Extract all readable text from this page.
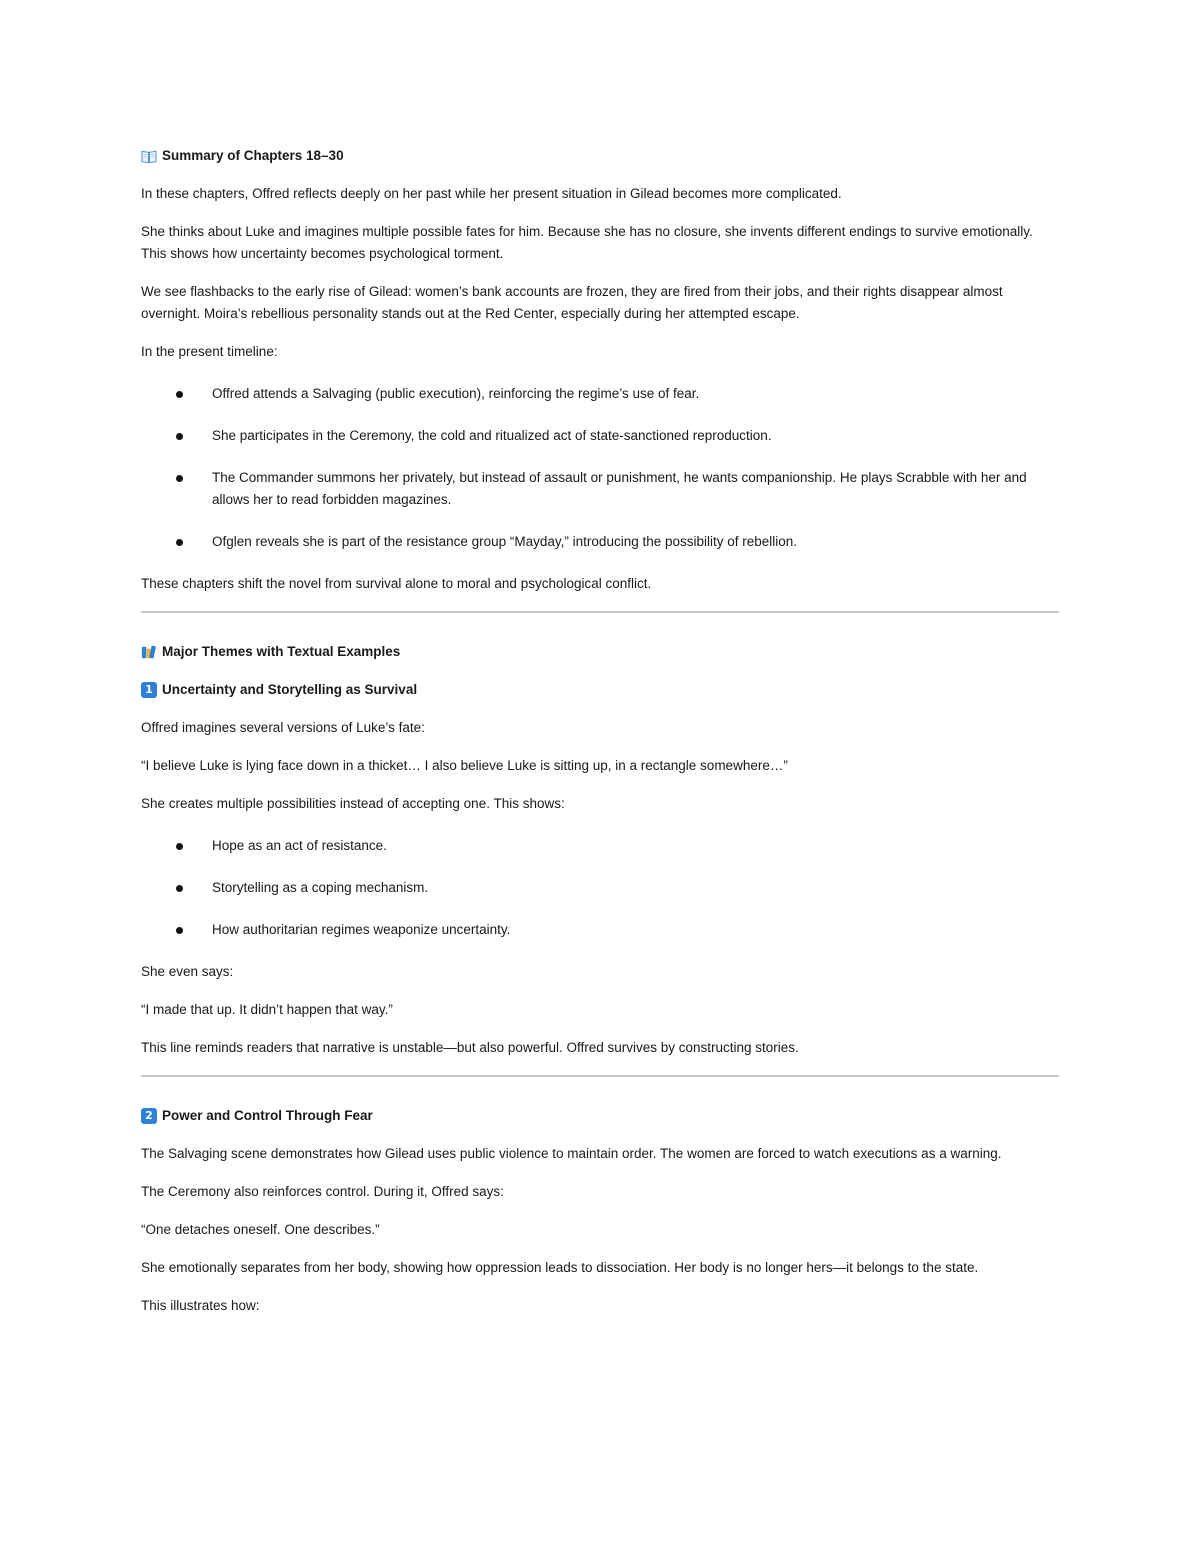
Summary of Chapters 18–30

In these chapters, Offred reflects deeply on her past while her present situation in Gilead becomes more complicated.

She thinks about Luke and imagines multiple possible fates for him. Because she has no closure, she invents different endings to survive emotionally. This shows how uncertainty becomes psychological torment.

We see flashbacks to the early rise of Gilead: women’s bank accounts are frozen, they are fired from their jobs, and their rights disappear almost overnight. Moira’s rebellious personality stands out at the Red Center, especially during her attempted escape.

In the present timeline:

Offred attends a Salvaging (public execution), reinforcing the regime’s use of fear.
She participates in the Ceremony, the cold and ritualized act of state-sanctioned reproduction.
The Commander summons her privately, but instead of assault or punishment, he wants companionship. He plays Scrabble with her and allows her to read forbidden magazines.
Ofglen reveals she is part of the resistance group “Mayday,” introducing the possibility of rebellion.

These chapters shift the novel from survival alone to moral and psychological conflict.

Major Themes with Textual Examples
1 Uncertainty and Storytelling as Survival

Offred imagines several versions of Luke’s fate:

“I believe Luke is lying face down in a thicket… I also believe Luke is sitting up, in a rectangle somewhere…”

She creates multiple possibilities instead of accepting one. This shows:

Hope as an act of resistance.
Storytelling as a coping mechanism.
How authoritarian regimes weaponize uncertainty.

She even says:

“I made that up. It didn’t happen that way.”

This line reminds readers that narrative is unstable—but also powerful. Offred survives by constructing stories.

2 Power and Control Through Fear

The Salvaging scene demonstrates how Gilead uses public violence to maintain order. The women are forced to watch executions as a warning.

The Ceremony also reinforces control. During it, Offred says:

“One detaches oneself. One describes.”

She emotionally separates from her body, showing how oppression leads to dissociation. Her body is no longer hers—it belongs to the state.

This illustrates how:
